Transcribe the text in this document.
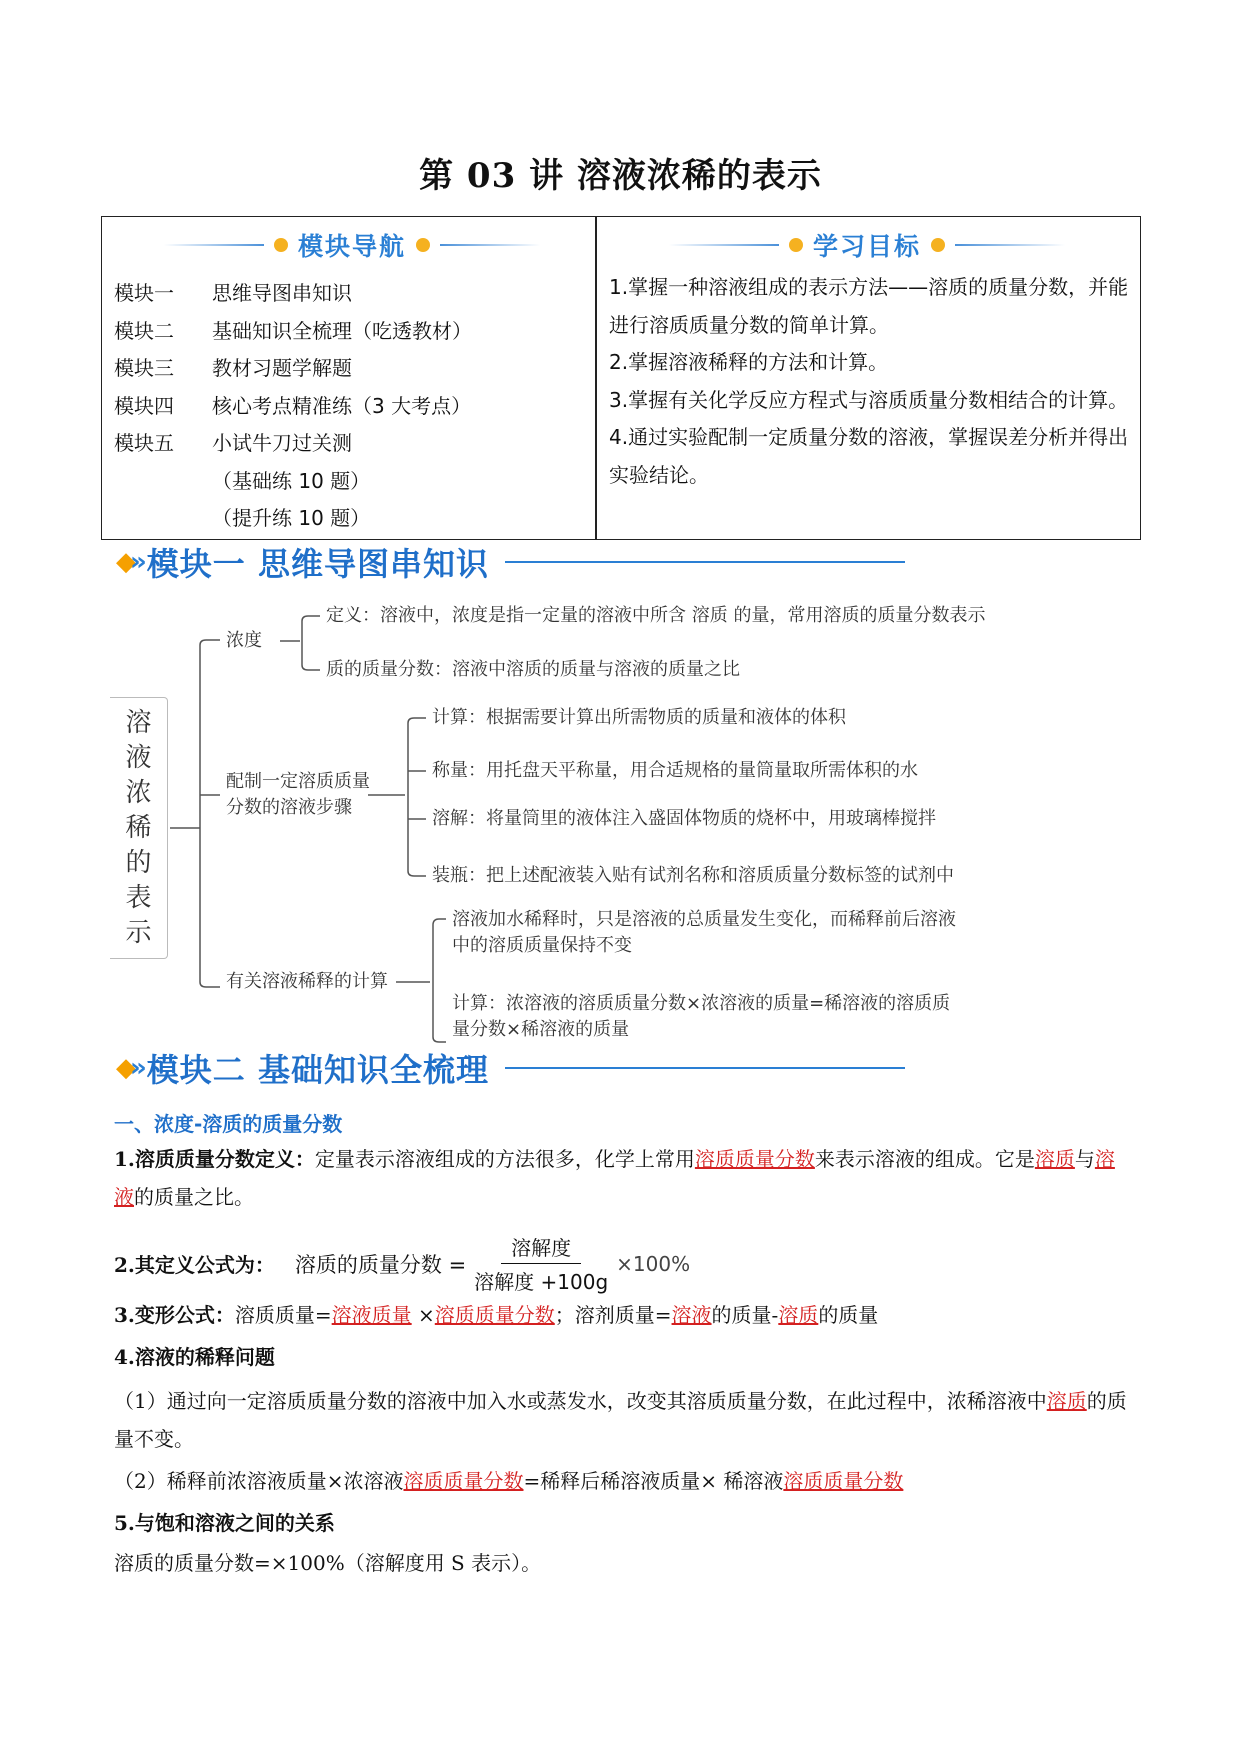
第 03 讲 溶液浓稀的表示
模块导航
模块一	思维导图串知识
模块二	基础知识全梳理（吃透教材）
模块三	教材习题学解题
模块四	核心考点精准练（3 大考点）
模块五	小试牛刀过关测
（基础练 10 题）
（提升练 10 题）
学习目标

1.掌握一种溶液组成的表示方法——溶质的质量分数，并能进行溶质质量分数的简单计算。

2.掌握溶液稀释的方法和计算。

3.掌握有关化学反应方程式与溶质质量分数相结合的计算。

4.通过实验配制一定质量分数的溶液，掌握误差分析并得出实验结论。

◆» 模块一 思维导图串知识
溶
液
浓
稀
的
表
示
浓度
定义：溶液中，浓度是指一定量的溶液中所含 溶质 的量，常用溶质的质量分数表示
质的质量分数：溶液中溶质的质量与溶液的质量之比
配制一定溶质质量
分数的溶液步骤
计算：根据需要计算出所需物质的质量和液体的体积
称量：用托盘天平称量，用合适规格的量筒量取所需体积的水
溶解：将量筒里的液体注入盛固体物质的烧杯中，用玻璃棒搅拌
装瓶：把上述配液装入贴有试剂名称和溶质质量分数标签的试剂中
有关溶液稀释的计算
溶液加水稀释时，只是溶液的总质量发生变化，而稀释前后溶液
中的溶质质量保持不变
计算：浓溶液的溶质质量分数×浓溶液的质量=稀溶液的溶质质
量分数×稀溶液的质量
◆» 模块二 基础知识全梳理
一、浓度-溶质的质量分数
1.溶质质量分数定义：定量表示溶液组成的方法很多，化学上常用溶质质量分数来表示溶液的组成。它是溶质与溶液的质量之比。
2.其定义公式为： 溶质的质量分数 = $\frac{\text{溶解度}}{\text{溶解度 +100g}} \times 100\%$
3.变形公式：溶质质量=溶液质量 ×溶质质量分数；溶剂质量=溶液的质量-溶质的质量
4.溶液的稀释问题
（1）通过向一定溶质质量分数的溶液中加入水或蒸发水，改变其溶质质量分数，在此过程中，浓稀溶液中溶质的质量不变。
（2）稀释前浓溶液质量×浓溶液溶质质量分数=稀释后稀溶液质量× 稀溶液溶质质量分数
5.与饱和溶液之间的关系
溶质的质量分数=×100%（溶解度用 S 表示）。
